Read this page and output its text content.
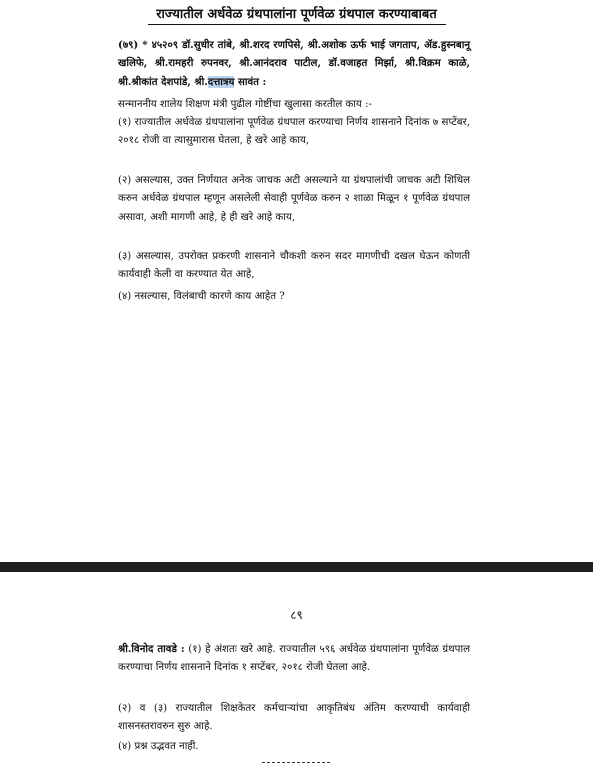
राज्यातील अर्धवेळ ग्रंथपालांना पूर्णवेळ ग्रंथपाल करण्याबाबत

(७९) * ४५२०९ डॉ.सुधीर तांबे, श्री.शरद रणपिसे, श्री.अशोक ऊर्फ भाई जगताप, ॲड.हुस्नबानू खलिफे, श्री.रामहरी रुपनवर, श्री.आनंदराव पाटील, डॉ.वजाहत मिर्झा, श्री.विक्रम काळे, श्री.श्रीकांत देशपांडे, श्री.दत्तात्रय सावंत :

सन्माननीय शालेय शिक्षण मंत्री पुढील गोष्टींचा खुलासा करतील काय :-

(१) राज्यातील अर्धवेळ ग्रंथपालांना पूर्णवेळ ग्रंथपाल करण्याचा निर्णय शासनाने दिनांक ७ सप्टेंबर, २०१८ रोजी वा त्यासुमारास घेतला, हे खरे आहे काय,

(२) असल्यास, उक्त निर्णयात अनेक जाचक अटी असल्याने या ग्रंथपालांची जाचक अटी शिथिल करुन अर्धवेळ ग्रंथपाल म्हणून असलेली सेवाही पूर्णवेळ करुन २ शाळा मिळून १ पूर्णवेळ ग्रंथपाल असावा, अशी मागणी आहे, हे ही खरे आहे काय,

(३) असल्यास, उपरोक्त प्रकरणी शासनाने चौकशी करुन सदर मागणीची दखल घेऊन कोणती कार्यवाही केली वा करण्यात येत आहे,

(४) नसल्यास, विलंबाची कारणे काय आहेत ?

८९

श्री.विनोद तावडे : (१) हे अंशतः खरे आहे. राज्यातील ५९६ अर्धवेळ ग्रंथपालांना पूर्णवेळ ग्रंथपाल करण्याचा निर्णय शासनाने दिनांक १ सप्टेंबर, २०१८ रोजी घेतला आहे.

(२) व (३) राज्यातील शिक्षकेतर कर्मचाऱ्यांचा आकृतिबंध अंतिम करण्याची कार्यवाही शासनस्तरावरुन सुरु आहे.

(४) प्रश्न उद्भवत नाही.
